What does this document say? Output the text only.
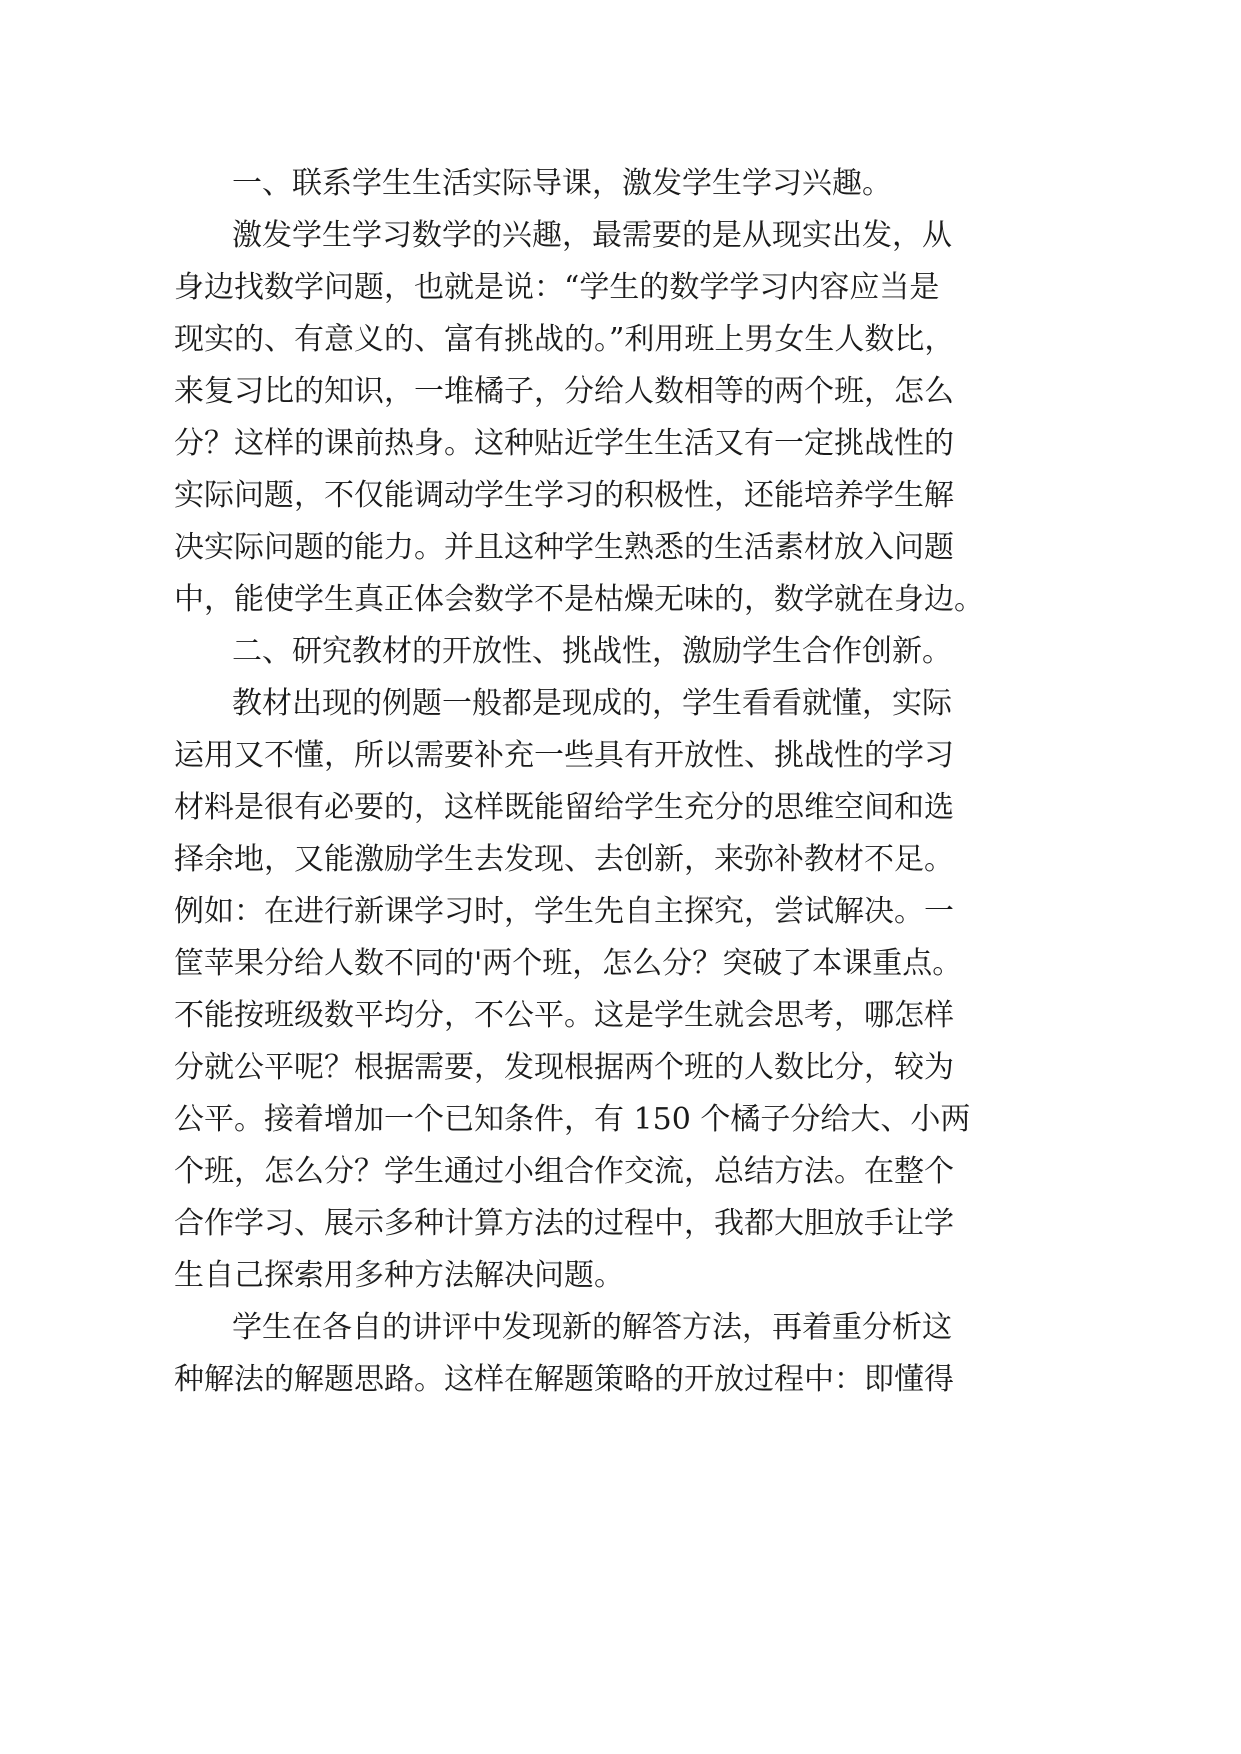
一、联系学生生活实际导课，激发学生学习兴趣。
激发学生学习数学的兴趣，最需要的是从现实出发，从
身边找数学问题，也就是说：“学生的数学学习内容应当是
现实的、有意义的、富有挑战的。”利用班上男女生人数比，
来复习比的知识，一堆橘子，分给人数相等的两个班，怎么
分？这样的课前热身。这种贴近学生生活又有一定挑战性的
实际问题，不仅能调动学生学习的积极性，还能培养学生解
决实际问题的能力。并且这种学生熟悉的生活素材放入问题
中，能使学生真正体会数学不是枯燥无味的，数学就在身边。
二、研究教材的开放性、挑战性，激励学生合作创新。
教材出现的例题一般都是现成的，学生看看就懂，实际
运用又不懂，所以需要补充一些具有开放性、挑战性的学习
材料是很有必要的，这样既能留给学生充分的思维空间和选
择余地，又能激励学生去发现、去创新，来弥补教材不足。
例如：在进行新课学习时，学生先自主探究，尝试解决。一
筐苹果分给人数不同的'两个班，怎么分？突破了本课重点。
不能按班级数平均分，不公平。这是学生就会思考，哪怎样
分就公平呢？根据需要，发现根据两个班的人数比分，较为
公平。接着增加一个已知条件，有 150 个橘子分给大、小两
个班，怎么分？学生通过小组合作交流，总结方法。在整个
合作学习、展示多种计算方法的过程中，我都大胆放手让学
生自己探索用多种方法解决问题。
学生在各自的讲评中发现新的解答方法，再着重分析这
种解法的解题思路。这样在解题策略的开放过程中：即懂得
